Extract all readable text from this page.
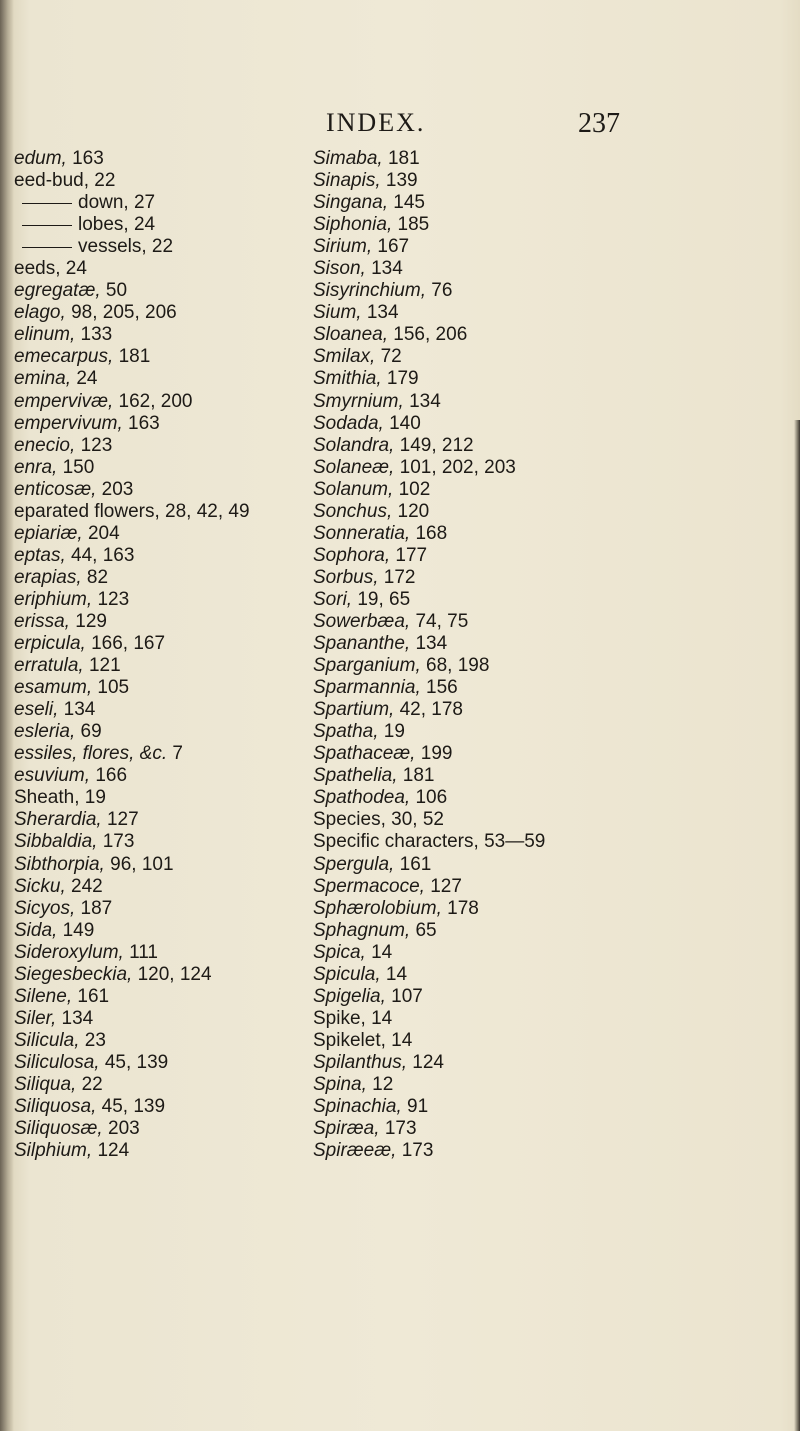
INDEX.	237
edum, 163
eed-bud, 22
down, 27
lobes, 24
vessels, 22
eeds, 24
egregatæ, 50
elago, 98, 205, 206
elinum, 133
emecarpus, 181
emina, 24
empervivæ, 162, 200
empervivum, 163
enecio, 123
enra, 150
enticosæ, 203
eparated flowers, 28, 42, 49
epiariæ, 204
eptas, 44, 163
erapias, 82
eriphium, 123
erissa, 129
erpicula, 166, 167
erratula, 121
esamum, 105
eseli, 134
esleria, 69
essiles, flores, &c. 7
esuvium, 166
Sheath, 19
Sherardia, 127
Sibbaldia, 173
Sibthorpia, 96, 101
Sicku, 242
Sicyos, 187
Sida, 149
Sideroxylum, 111
Siegesbeckia, 120, 124
Silene, 161
Siler, 134
Silicula, 23
Siliculosa, 45, 139
Siliqua, 22
Siliquosa, 45, 139
Siliquosæ, 203
Silphium, 124
Simaba, 181
Sinapis, 139
Singana, 145
Siphonia, 185
Sirium, 167
Sison, 134
Sisyrinchium, 76
Sium, 134
Sloanea, 156, 206
Smilax, 72
Smithia, 179
Smyrnium, 134
Sodada, 140
Solandra, 149, 212
Solaneæ, 101, 202, 203
Solanum, 102
Sonchus, 120
Sonneratia, 168
Sophora, 177
Sorbus, 172
Sori, 19, 65
Sowerbæa, 74, 75
Spananthe, 134
Sparganium, 68, 198
Sparmannia, 156
Spartium, 42, 178
Spatha, 19
Spathaceæ, 199
Spathelia, 181
Spathodea, 106
Species, 30, 52
Specific characters, 53—59
Spergula, 161
Spermacoce, 127
Sphærolobium, 178
Sphagnum, 65
Spica, 14
Spicula, 14
Spigelia, 107
Spike, 14
Spikelet, 14
Spilanthus, 124
Spina, 12
Spinachia, 91
Spiræa, 173
Spiræeæ, 173
